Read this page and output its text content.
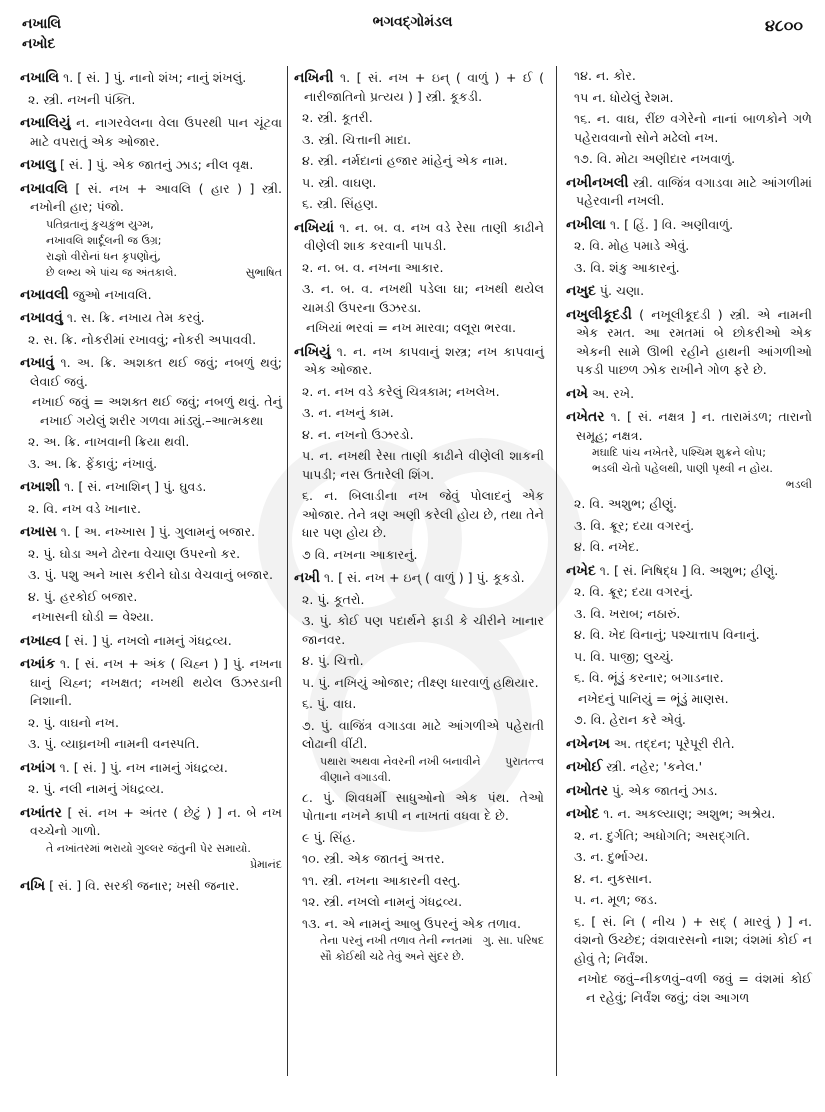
નખાલિ
નખોદ
ભગવદ્ગોમંડલ	૪૮૦૦
નખાલિ ૧. [ સં. ] પું. નાનો શંખ; નાનું શંખલું.
૨. સ્ત્રી. નખની પંક્તિ.
નખાલિયું ન. નાગરવેલના વેલા ઉપરથી પાન ચૂંટવા માટે વપરાતું એક ઓજાર.
નખાલુ [ સં. ] પું. એક જાતનું ઝાડ; નીલ વૃક્ષ.
નખાવલિ [ સં. નખ + આવલિ ( હાર ) ] સ્ત્રી. નખોની હાર; પંજો.
પતિવ્રતાનું કુચકુંભ યુગ્મ,
નખાવલિ શાર્દૂલની જ ઉગ્ર;
રાજ્ઞો વીરોનાં ધન કૃપણોનું,
સુભાષિત
છે લભ્ય એ પાંચ જ અંતકાલે.
નખાવલી જુઓ નખાવલિ.
નખાવવું ૧. સ. ક્રિ. નખાય તેમ કરવું.
૨. સ. ક્રિ. નોકરીમાં રખાવવું; નોકરી અપાવવી.
નખાવું ૧. અ. ક્રિ. અશક્ત થઈ જવું; નબળું થવું; લેવાઈ જવું.
નખાઈ જવું = અશક્ત થઈ જવું; નબળું થવું. તેનું નખાઈ ગયેલું શરીર ગળવા માંડ્યું.–આત્મકથા
૨. અ. ક્રિ. નાખવાની ક્રિયા થવી.
૩. અ. ક્રિ. ફેંકાવું; નંખાવું.
નખાશી ૧. [ સં. નખાશિન્ ] પું. ઘુવડ.
૨. વિ. નખ વડે ખાનાર.
નખાસ ૧. [ અ. નખ્ખાસ ] પું. ગુલામનું બજાર.
૨. પું. ઘોડા અને ઢોરના વેચાણ ઉપરનો કર.
૩. પું. પશુ અને ખાસ કરીને ઘોડા વેચવાનું બજાર.
૪. પું. હરકોઈ બજાર.
નખાસની ઘોડી = વેશ્યા.
નખાહ્વ [ સં. ] પું. નખલો નામનું ગંધદ્રવ્ય.
નખાંક ૧. [ સં. નખ + અંક ( ચિહ્ન ) ] પું. નખના ઘાનું ચિહ્ન; નખક્ષત; નખથી થયેલ ઉઝરડાની નિશાની.
૨. પું. વાઘનો નખ.
૩. પું. વ્યાઘ્રનખી નામની વનસ્પતિ.
નખાંગ ૧. [ સં. ] પું. નખ નામનું ગંધદ્રવ્ય.
૨. પું. નલી નામનું ગંધદ્રવ્ય.
નખાંતર [ સં. નખ + અંતર ( છેટું ) ] ન. બે નખ વચ્ચેનો ગાળો.
તે નખાંતરમાં ભરાયો ગુલ્લર જંતુની પેર સમાયો.
પ્રેમાનંદ
નખિ [ સં. ] વિ. સરકી જનાર; ખસી જનાર.
નખિની ૧. [ સં. નખ + ઇન્ ( વાળું ) + ઈ ( નારીજાતિનો પ્રત્યય ) ] સ્ત્રી. કૂકડી.
૨. સ્ત્રી. કૂતરી.
૩. સ્ત્રી. ચિત્તાની માદા.
૪. સ્ત્રી. નર્મદાનાં હજાર માંહેનું એક નામ.
૫. સ્ત્રી. વાઘણ.
૬. સ્ત્રી. સિંહણ.
નખિયાં ૧. ન. બ. વ. નખ વડે રેસા તાણી કાઢીને વીણેલી શાક કરવાની પાપડી.
૨. ન. બ. વ. નખના આકાર.
૩. ન. બ. વ. નખથી પડેલા ઘા; નખથી થયેલ ચામડી ઉપરના ઉઝરડા.
નખિયાં ભરવાં = નખ મારવા; વલૂરા ભરવા.
નખિયું ૧. ન. નખ કાપવાનું શસ્ત્ર; નખ કાપવાનું એક ઓજાર.
૨. ન. નખ વડે કરેલું ચિત્રકામ; નખલેખ.
૩. ન. નખનું કામ.
૪. ન. નખનો ઉઝરડો.
૫. ન. નખથી રેસા તાણી કાઢીને વીણેલી શાકની પાપડી; નસ ઉતારેલી શિંગ.
૬. ન. બિલાડીના નખ જેવું પોલાદનું એક ઓજાર. તેને ત્રણ અણી કરેલી હોય છે, તથા તેને ધાર પણ હોય છે.
૭ વિ. નખના આકારનું.
નખી ૧. [ સં. નખ + ઇન્ ( વાળું ) ] પું. કૂકડો.
૨. પું. કૂતરો.
૩. પું. કોઈ પણ પદાર્થને ફાડી કે ચીરીને ખાનાર જાનવર.
૪. પું. ચિત્તો.
૫. પું. નખિયું ઓજાર; તીક્ષ્ણ ધારવાળું હથિયાર.
૬. પું. વાઘ.
૭. પું. વાજિંત્ર વગાડવા માટે આંગળીએ પહેરાતી લોઢાની વીંટી.
પુરાતત્ત્વ
પથારા અથવા નેવરની નખી બનાવીને વીણાને વગાડવી.
૮. પું. શિવધર્મી સાધુઓનો એક પંથ. તેઓ પોતાના નખને કાપી ન નાખતાં વધવા દે છે.
૯ પું. સિંહ.
૧૦. સ્ત્રી. એક જાતનું અત્તર.
૧૧. સ્ત્રી. નખના આકારની વસ્તુ.
૧૨. સ્ત્રી. નખલો નામનું ગંધદ્રવ્ય.
૧૩. ન. એ નામનું આબુ ઉપરનું એક તળાવ.
ગુ. સા. પરિષદ
તેના પરનું નખી તળાવ તેની ન્નતમાં સૌ કોઈથી ચઢે તેવું અને સુંદર છે.
૧૪. ન. કોર.
૧૫ ન. ધોયેલું રેશમ.
૧૬. ન. વાઘ, રીંછ વગેરેનો નાનાં બાળકોને ગળે પહેરાવવાનો સોને મઢેલો નખ.
૧૭. વિ. મોટા અણીદાર નખવાળું.
નખીનખલી સ્ત્રી. વાજિંત્ર વગાડવા માટે આંગળીમાં પહેરવાની નખલી.
નખીલા ૧. [ હિં. ] વિ. અણીવાળું.
૨. વિ. મોહ પમાડે એવું.
૩. વિ. શંકુ આકારનું.
નખુદ પું. ચણા.
નખુલીકૂદડી ( નખૂલીકૂદડી ) સ્ત્રી. એ નામની એક રમત. આ રમતમાં બે છોકરીઓ એક એકની સામે ઊભી રહીને હાથની આંગળીઓ પકડી પાછળ ઝોક રાખીને ગોળ ફરે છે.
નખે અ. રખે.
નખેતર ૧. [ સં. નક્ષત્ર ] ન. તારામંડળ; તારાનો સમૂહ; નક્ષત્ર.
મઘાદિ પાંચ નખેતરે, પશ્ચિમ શુક્રને લોપ;
ભડલી ચેતો પહેલથી, પાણી પૃથ્વી ન હોય.
ભડલી
૨. વિ. અશુભ; હીણું.
૩. વિ. ક્રૂર; દયા વગરનું.
૪. વિ. નખેદ.
નખેદ ૧. [ સં. નિષિદ્ધ ] વિ. અશુભ; હીણું.
૨. વિ. ક્રૂર; દયા વગરનું.
૩. વિ. ખરાબ; નઠારું.
૪. વિ. ખેદ વિનાનું; પશ્ચાત્તાપ વિનાનું.
૫. વિ. પાજી; લુચ્ચું.
૬. વિ. ભૂંડું કરનાર; બગાડનાર.
નખેદનું પાનિયું = ભૂંડું માણસ.
૭. વિ. હેરાન કરે એવું.
નખેનખ અ. તદ્દન; પૂરેપૂરી રીતે.
નખોઈ સ્ત્રી. નહેર; 'કનેલ.'
નખોતર પું. એક જાતનું ઝાડ.
નખોદ ૧. ન. અકલ્યાણ; અશુભ; અશ્રેય.
૨. ન. દુર્ગતિ; અધોગતિ; અસદ્ગતિ.
૩. ન. દુર્ભાગ્ય.
૪. ન. નુકસાન.
૫. ન. મૂળ; જડ.
૬. [ સં. નિ ( નીચ ) + સદ્ ( મારવું ) ] ન. વંશનો ઉચ્છેદ; વંશવારસનો નાશ; વંશમાં કોઈ ન હોવું તે; નિર્વંશ.
નખોદ જવું–નીકળવું–વળી જવું = વંશમાં કોઈ ન રહેવું; નિર્વંશ જવું; વંશ આગળ
